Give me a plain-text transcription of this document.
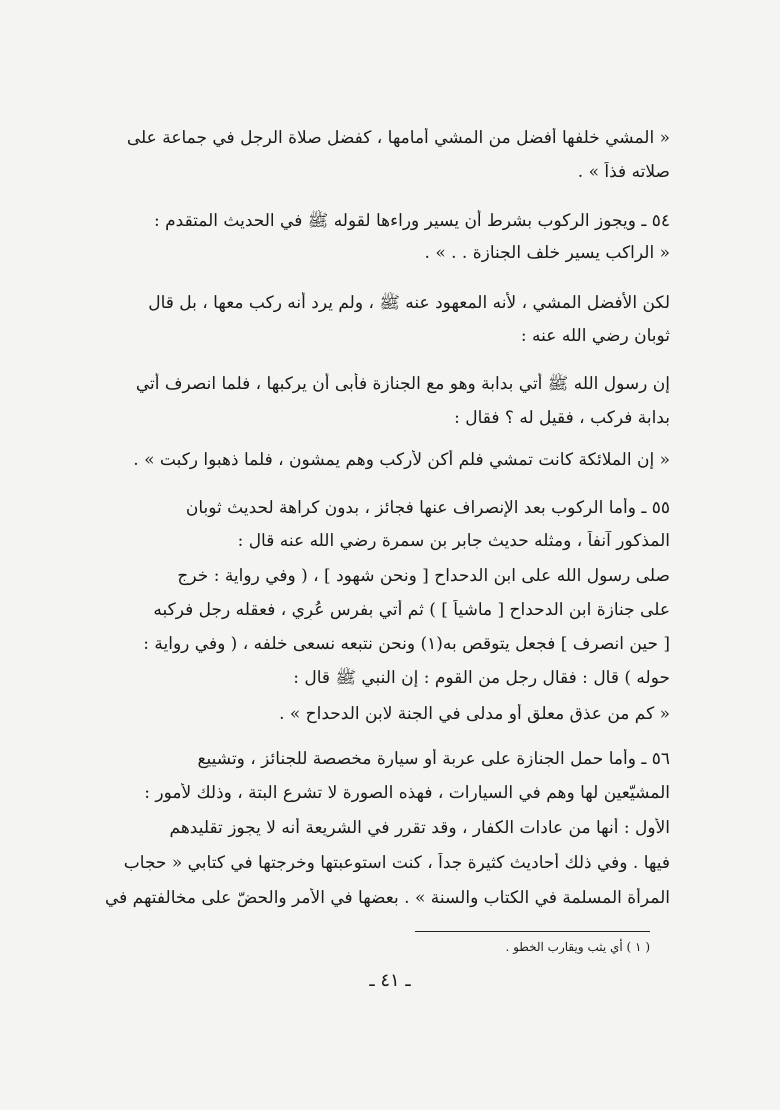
« المشي خلفها أفضل من المشي أمامها ، كفضل صلاة الرجل في جماعة على
صلاته فذاً » .
٥٤ ـ ويجوز الركوب بشرط أن يسير وراءها لقوله ﷺ في الحديث المتقدم :
« الراكب يسير خلف الجنازة . . » .
لكن الأفضل المشي ، لأنه المعهود عنه ﷺ ، ولم يرد أنه ركب معها ، بل قال
ثوبان رضي الله عنه :
إن رسول الله ﷺ أتي بدابة وهو مع الجنازة فأبى أن يركبها ، فلما انصرف أتي
بدابة فركب ، فقيل له ؟ فقال :
« إن الملائكة كانت تمشي فلم أكن لأركب وهم يمشون ، فلما ذهبوا ركبت » .
٥٥ ـ وأما الركوب بعد الإنصراف عنها فجائز ، بدون كراهة لحديث ثوبان
المذكور آنفاً ، ومثله حديث جابر بن سمرة رضي الله عنه قال :
صلى رسول الله على ابن الدحداح [ ونحن شهود ] ، ( وفي رواية : خرج
على جنازة ابن الدحداح [ ماشياً ] ) ثم أتي بفرس عُرِي ، فعقله رجل فركبه
[ حين انصرف ] فجعل يتوقص به(١) ونحن نتبعه نسعى خلفه ، ( وفي رواية :
حوله ) قال : فقال رجل من القوم : إن النبي ﷺ قال :
« كم من عذق معلق أو مدلى في الجنة لابن الدحداح » .
٥٦ ـ وأما حمل الجنازة على عربة أو سيارة مخصصة للجنائز ، وتشييع
المشيّعين لها وهم في السيارات ، فهذه الصورة لا تشرع البتة ، وذلك لأمور :
الأول : أنها من عادات الكفار ، وقد تقرر في الشريعة أنه لا يجوز تقليدهم
فيها . وفي ذلك أحاديث كثيرة جداً ، كنت استوعبتها وخرجتها في كتابي « حجاب
المرأة المسلمة في الكتاب والسنة » . بعضها في الأمر والحضّ على مخالفتهم في
( ١ ) أي يثب ويقارب الخطو .
ـ ٤١ ـ
